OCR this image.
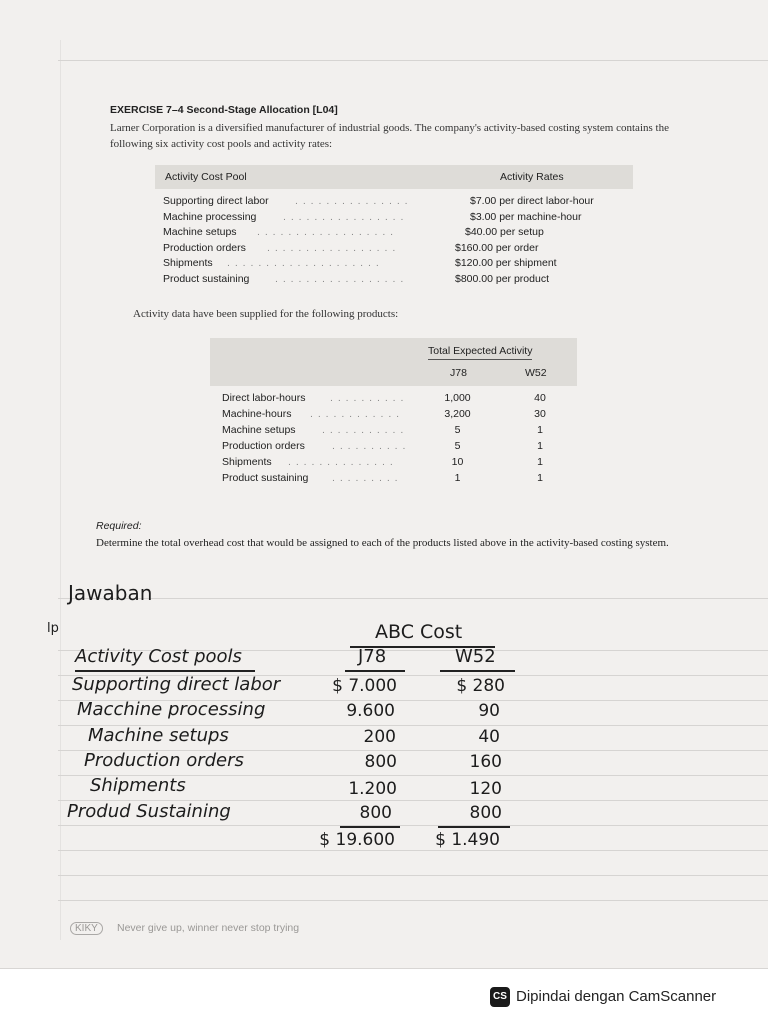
EXERCISE 7–4 Second-Stage Allocation [L04]
Larner Corporation is a diversified manufacturer of industrial goods. The company's activity-based costing system contains the following six activity cost pools and activity rates:
Activity Cost Pool	Activity Rates
Supporting direct labor	. . . . . . . . . . . . . . .	$7.00 per direct labor-hour
Machine processing	. . . . . . . . . . . . . . . .	$3.00 per machine-hour
Machine setups . . . . . . . . . . . . . . . . . .	$40.00 per setup
Production orders . . . . . . . . . . . . . . . . .	$160.00 per order
Shipments . . . . . . . . . . . . . . . . . . . .	$120.00 per shipment
Product sustaining . . . . . . . . . . . . . . . . .	$800.00 per product
Activity data have been supplied for the following products:
Total Expected Activity
J78	W52
Direct labor-hours . . . . . . . . . .	1,000	40
Machine-hours . . . . . . . . . . . .	3,200	30
Machine setups	. . . . . . . . . . .	5	1
Production orders	. . . . . . . . . .	5	1
Shipments . . . . . . . . . . . . . .	10	1
Product sustaining . . . . . . . . .	1	1
Required:
Determine the total overhead cost that would be assigned to each of the products listed above in the activity-based costing system.
Jawaban
lp	ABC Cost
Activity Cost pools	J78	W52
Supporting direct labor	$ 7.000	$ 280
Macchine processing	9.600	90
Machine setups	200	40
Production orders	800	160
Shipments	1.200	120
Produd Sustaining	800	800
$ 19.600	$ 1.490
KIKY	Never give up, winner never stop trying
CS Dipindai dengan CamScanner
